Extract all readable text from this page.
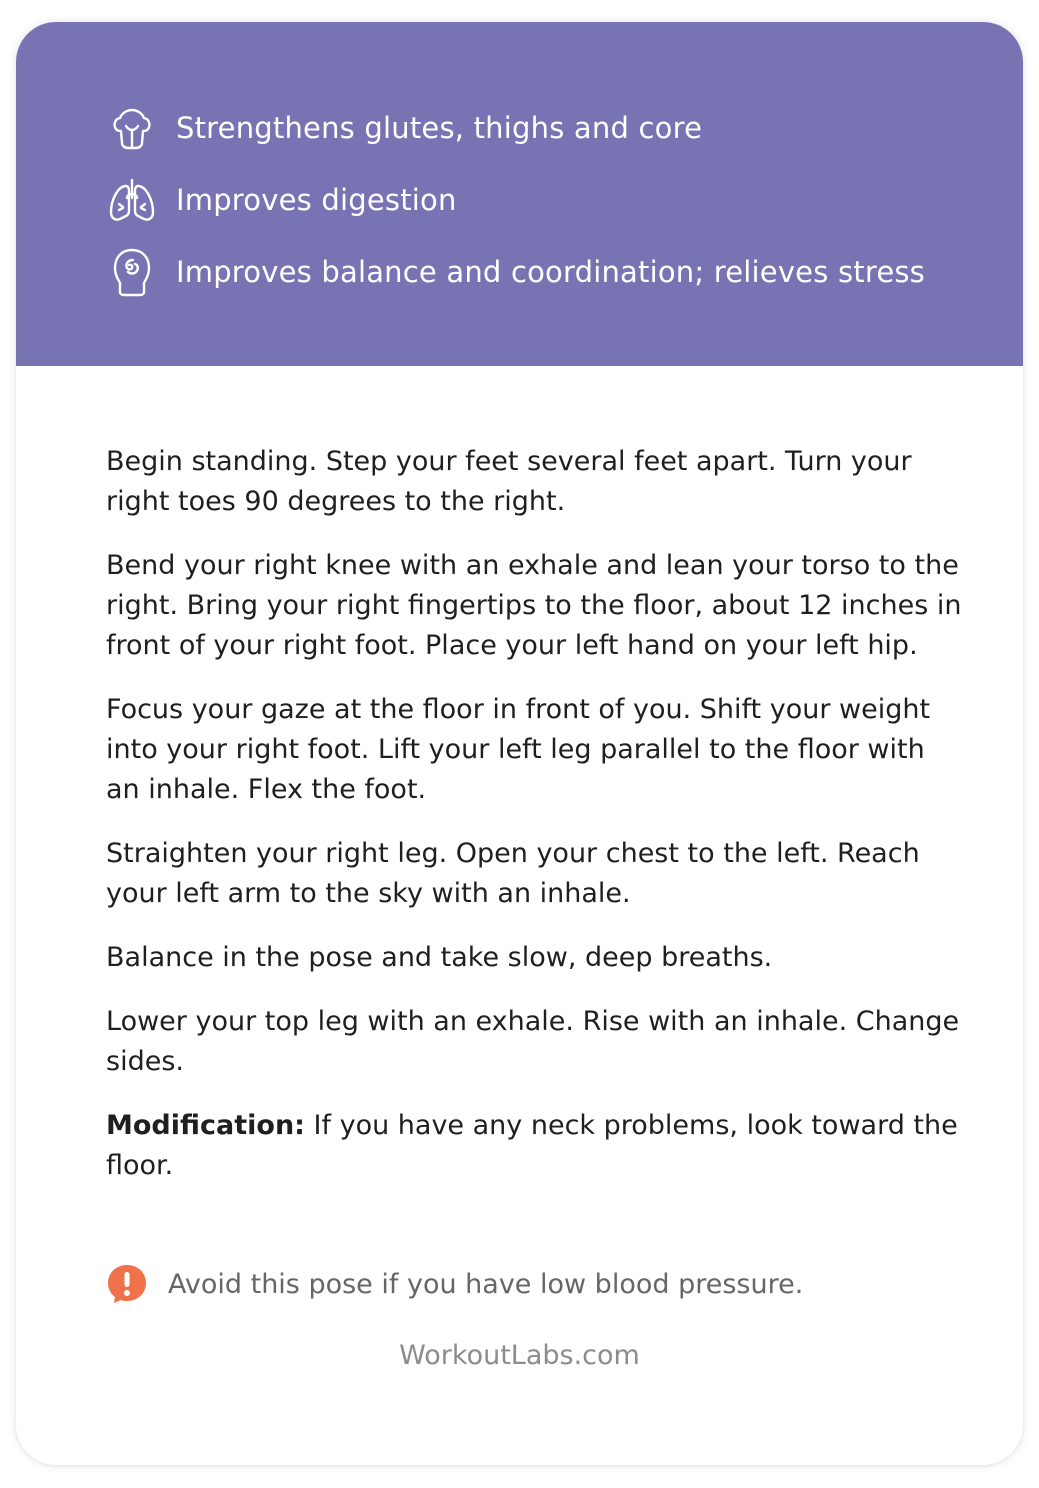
Strengthens glutes, thighs and core
Improves digestion
Improves balance and coordination; relieves stress

Begin standing. Step your feet several feet apart. Turn your right toes 90 degrees to the right.

Bend your right knee with an exhale and lean your torso to the right. Bring your right fingertips to the floor, about 12 inches in front of your right foot. Place your left hand on your left hip.

Focus your gaze at the floor in front of you. Shift your weight into your right foot. Lift your left leg parallel to the floor with an inhale. Flex the foot.

Straighten your right leg. Open your chest to the left. Reach your left arm to the sky with an inhale.

Balance in the pose and take slow, deep breaths.

Lower your top leg with an exhale. Rise with an inhale. Change sides.

Modification: If you have any neck problems, look toward the floor.

Avoid this pose if you have low blood pressure.
WorkoutLabs.com
